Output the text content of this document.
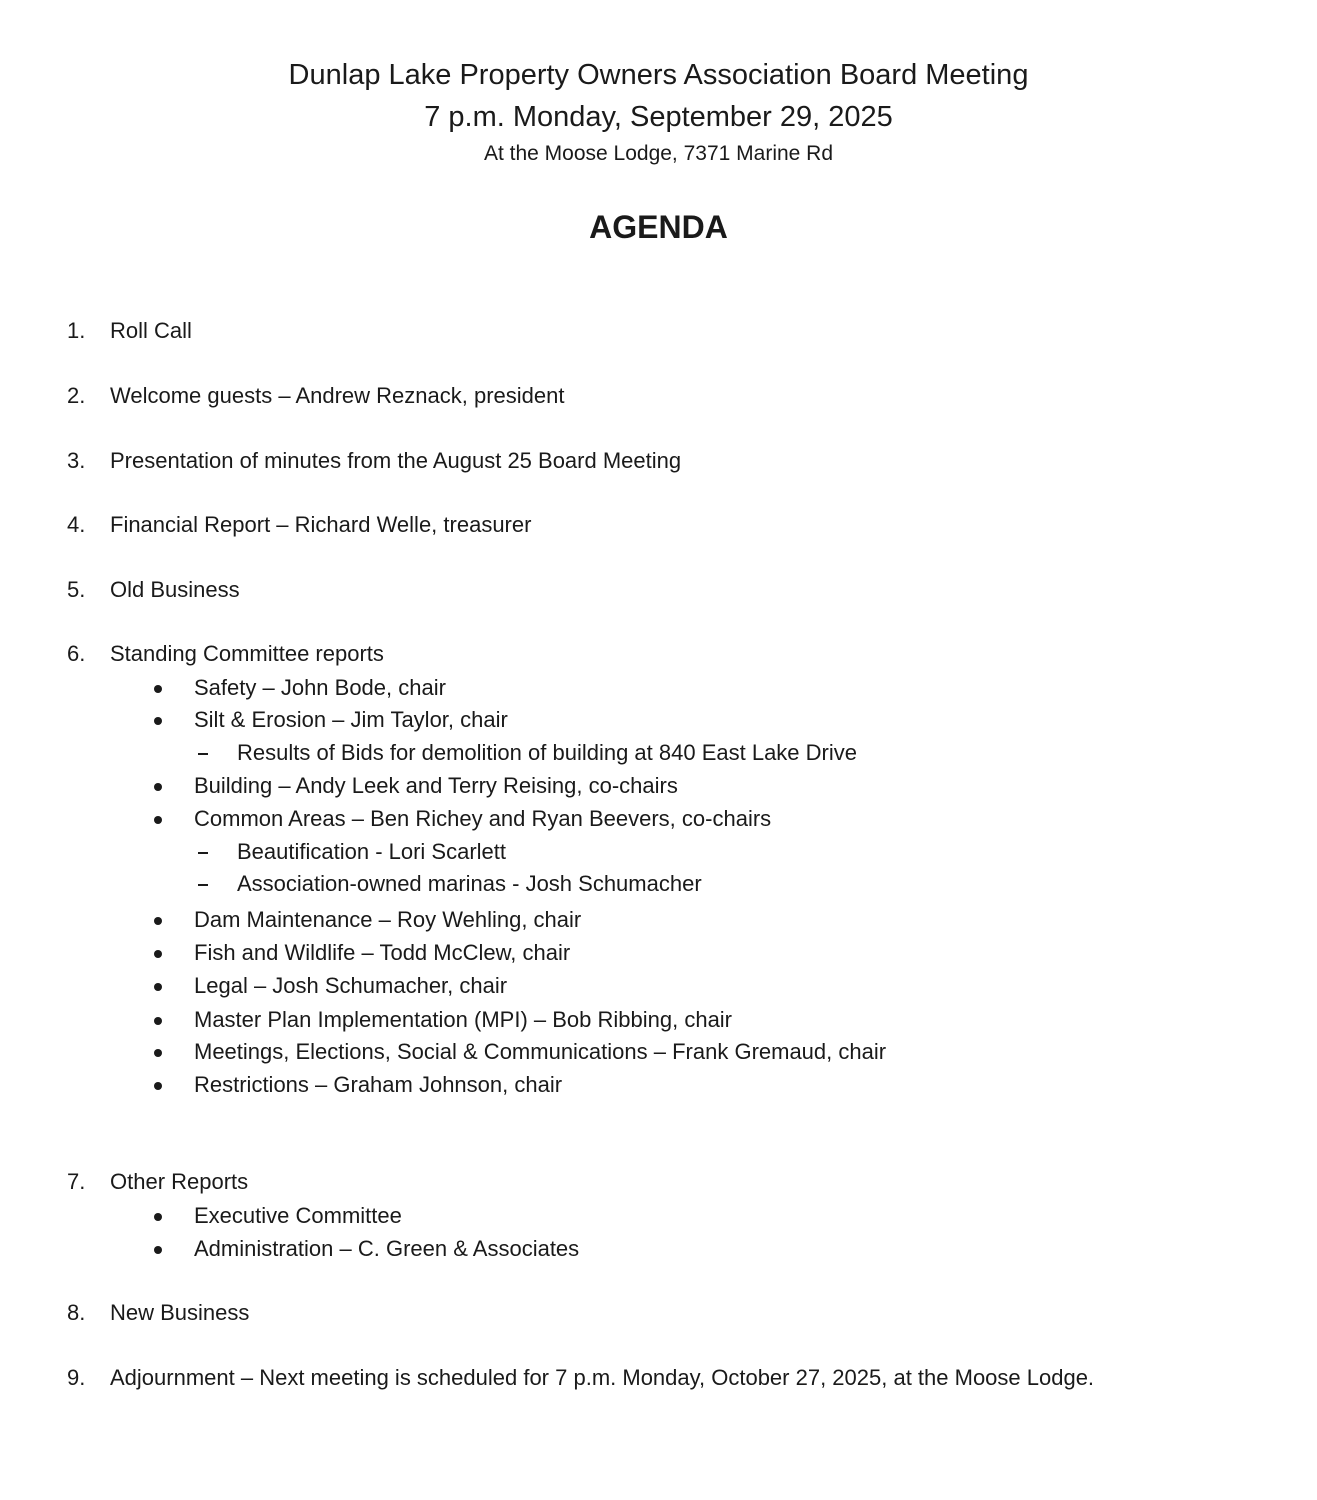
Dunlap Lake Property Owners Association Board Meeting
7 p.m. Monday, September 29, 2025
At the Moose Lodge, 7371 Marine Rd
AGENDA
1. Roll Call
2. Welcome guests – Andrew Reznack, president
3. Presentation of minutes from the August 25 Board Meeting
4. Financial Report – Richard Welle, treasurer
5. Old Business
6. Standing Committee reports
Safety – John Bode, chair
Silt & Erosion – Jim Taylor, chair
Results of Bids for demolition of building at 840 East Lake Drive
Building – Andy Leek and Terry Reising, co-chairs
Common Areas – Ben Richey and Ryan Beevers, co-chairs
Beautification - Lori Scarlett
Association-owned marinas - Josh Schumacher
Dam Maintenance – Roy Wehling, chair
Fish and Wildlife – Todd McClew, chair
Legal – Josh Schumacher, chair
Master Plan Implementation (MPI) – Bob Ribbing, chair
Meetings, Elections, Social & Communications – Frank Gremaud, chair
Restrictions – Graham Johnson, chair
7. Other Reports
Executive Committee
Administration – C. Green & Associates
8. New Business
9. Adjournment – Next meeting is scheduled for 7 p.m. Monday, October 27, 2025, at the Moose Lodge.
